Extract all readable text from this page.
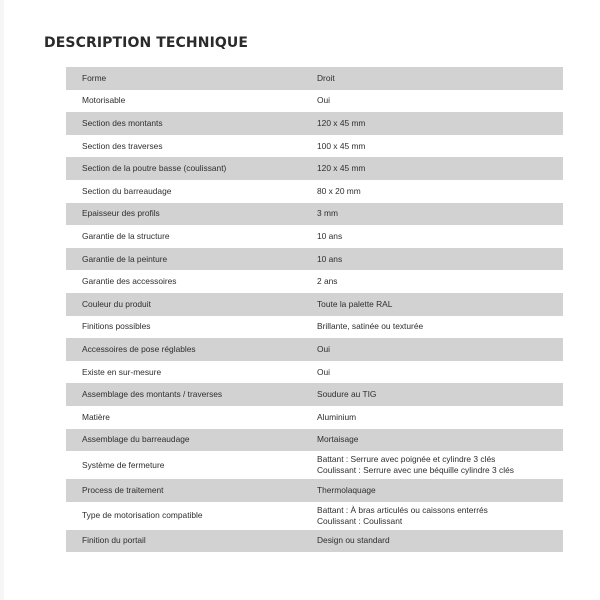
DESCRIPTION TECHNIQUE
Forme	Droit

Motorisable	Oui

Section des montants	120 x 45 mm

Section des traverses	100 x 45 mm

Section de la poutre basse (coulissant)	120 x 45 mm

Section du barreaudage	80 x 20 mm

Epaisseur des profils	3 mm

Garantie de la structure	10 ans

Garantie de la peinture	10 ans

Garantie des accessoires	2 ans

Couleur du produit	Toute la palette RAL

Finitions possibles	Brillante, satinée ou texturée

Accessoires de pose réglables	Oui

Existe en sur-mesure	Oui

Assemblage des montants / traverses	Soudure au TIG

Matière	Aluminium

Assemblage du barreaudage	Mortaisage

Système de fermeture	Battant : Serrure avec poignée et cylindre 3 clés
Coulissant : Serrure avec une béquille cylindre 3 clés

Process de traitement	Thermolaquage

Type de motorisation compatible	Battant : À bras articulés ou caissons enterrés
Coulissant : Coulissant

Finition du portail	Design ou standard
